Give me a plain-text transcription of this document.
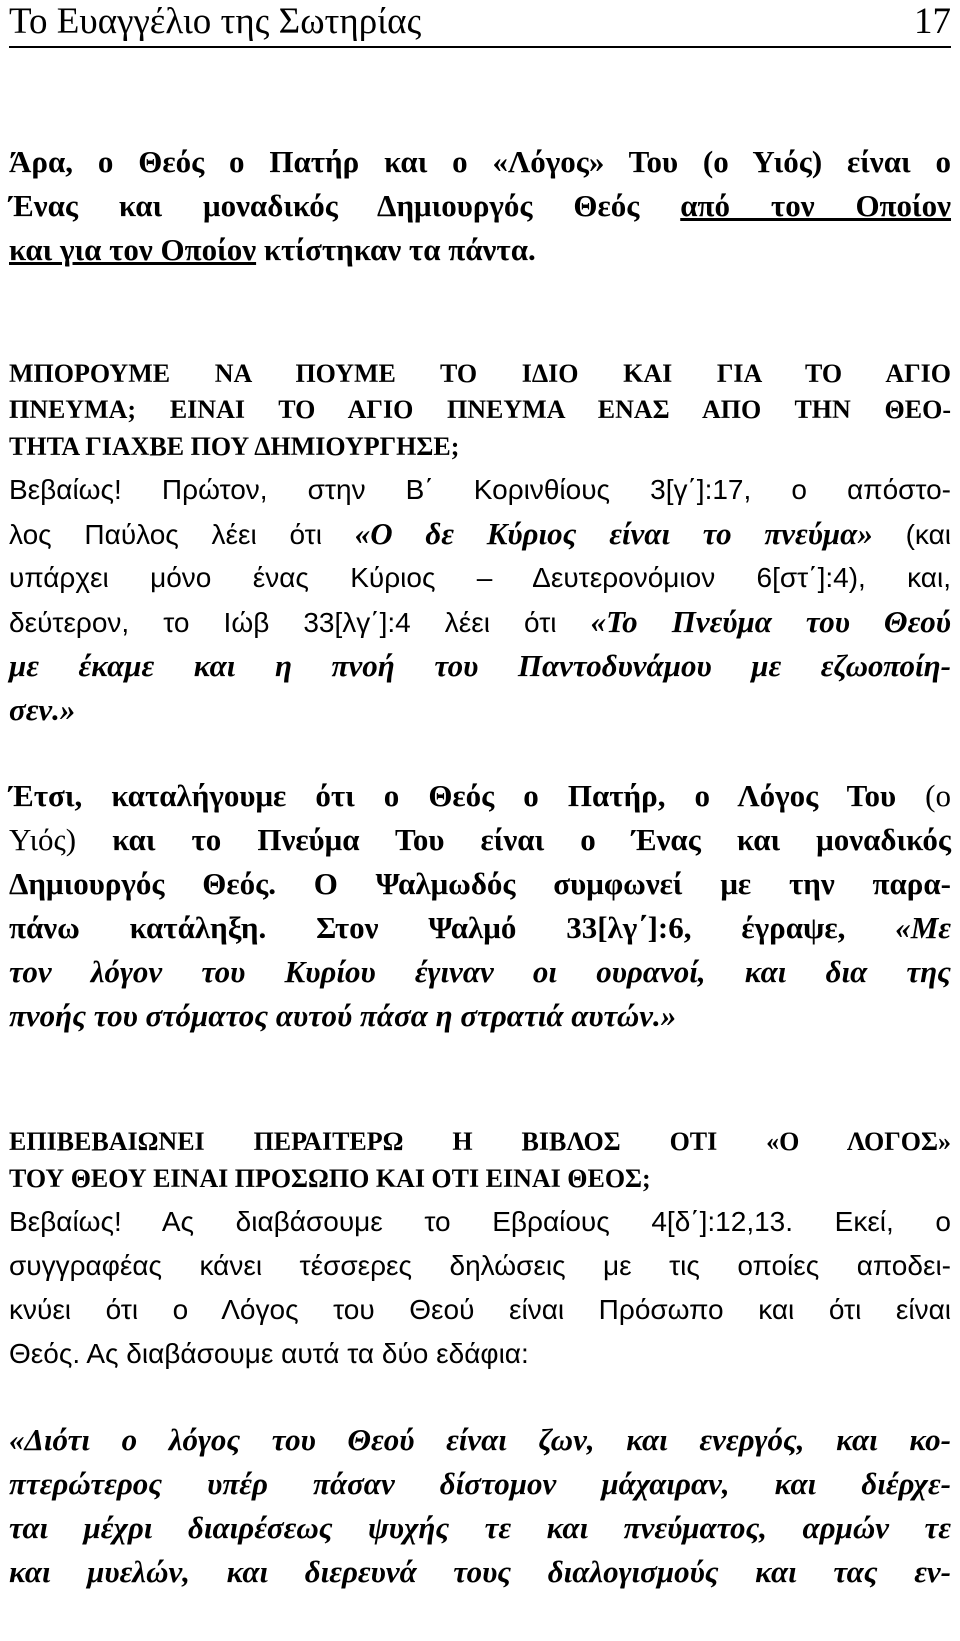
Το Ευαγγέλιο της Σωτηρίας	17
Άρα, ο Θεός ο Πατήρ και ο «Λόγος» Του (ο Υιός) είναι ο
Ένας και μοναδικός Δημιουργός Θεός από τον Οποίον
και για τον Οποίον κτίστηκαν τα πάντα.
ΜΠΟΡΟΥΜΕ ΝΑ ΠΟΥΜΕ ΤΟ ΙΔΙΟ ΚΑΙ ΓΙΑ ΤΟ ΑΓΙΟ
ΠΝΕΥΜΑ; ΕΙΝΑΙ ΤΟ ΑΓΙΟ ΠΝΕΥΜΑ ΕΝΑΣ ΑΠΟ ΤΗΝ ΘΕΟ-
ΤΗΤΑ ΓΙΑΧΒΕ ΠΟΥ ΔΗΜΙΟΥΡΓΗΣΕ;
Βεβαίως! Πρώτον, στην Β΄ Κορινθίους 3[γ΄]:17, ο απόστο-
λος Παύλος λέει ότι «Ο δε Κύριος είναι το πνεύμα» (και
υπάρχει μόνο ένας Κύριος – Δευτερονόμιον 6[στ΄]:4), και,
δεύτερον, το Ιώβ 33[λγ΄]:4 λέει ότι «Το Πνεύμα του Θεού
με έκαμε και η πνοή του Παντοδυνάμου με εζωοποίη-
σεν.»
Έτσι, καταλήγουμε ότι ο Θεός ο Πατήρ, ο Λόγος Του (ο
Υιός) και το Πνεύμα Του είναι ο Ένας και μοναδικός
Δημιουργός Θεός. Ο Ψαλμωδός συμφωνεί με την παρα-
πάνω κατάληξη. Στον Ψαλμό 33[λγ΄]:6, έγραψε, «Με
τον λόγον του Κυρίου έγιναν οι ουρανοί, και δια της
πνοής του στόματος αυτού πάσα η στρατιά αυτών.»
ΕΠΙΒΕΒΑΙΩΝΕΙ ΠΕΡΑΙΤΕΡΩ Η ΒΙΒΛΟΣ ΟΤΙ «Ο ΛΟΓΟΣ»
ΤΟΥ ΘΕΟΥ ΕΙΝΑΙ ΠΡΟΣΩΠΟ ΚΑΙ ΟΤΙ ΕΙΝΑΙ ΘΕΟΣ;
Βεβαίως! Ας διαβάσουμε το Εβραίους 4[δ΄]:12,13. Εκεί, ο
συγγραφέας κάνει τέσσερες δηλώσεις με τις οποίες αποδει-
κνύει ότι ο Λόγος του Θεού είναι Πρόσωπο και ότι είναι
Θεός. Ας διαβάσουμε αυτά τα δύο εδάφια:
«Διότι ο λόγος του Θεού είναι ζων, και ενεργός, και κο-
πτερώτερος υπέρ πάσαν δίστομον μάχαιραν, και διέρχε-
ται μέχρι διαιρέσεως ψυχής τε και πνεύματος, αρμών τε
και μυελών, και διερευνά τους διαλογισμούς και τας εν-
